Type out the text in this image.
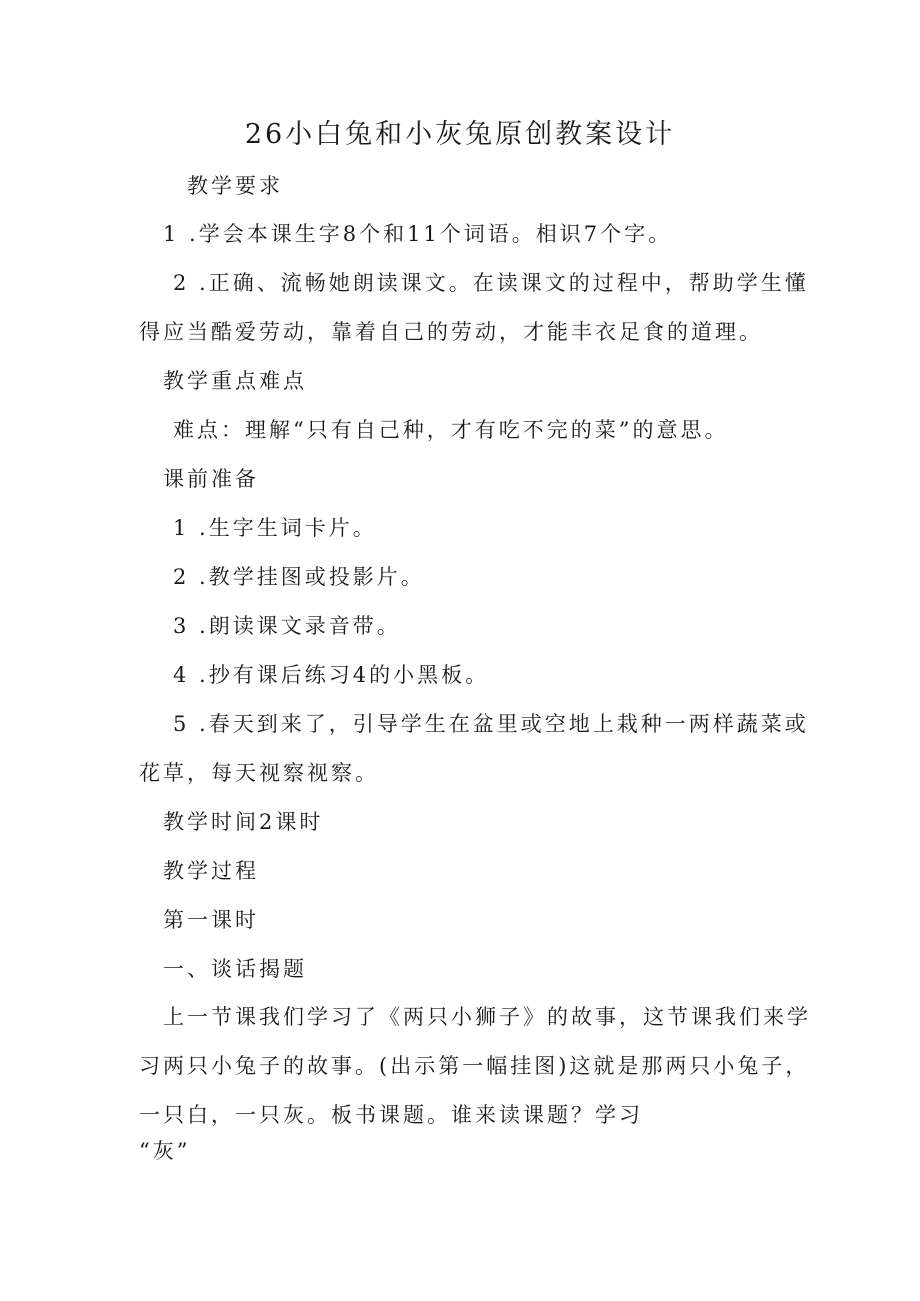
26小白兔和小灰兔原创教案设计
教学要求
1 .学会本课生字8个和11个词语。相识7个字。
2 .正确、流畅她朗读课文。在读课文的过程中，帮助学生懂
得应当酷爱劳动，靠着自己的劳动，才能丰衣足食的道理。
教学重点难点
难点：理解“只有自己种，才有吃不完的菜”的意思。
课前准备
1 .生字生词卡片。
2 .教学挂图或投影片。
3 .朗读课文录音带。
4 .抄有课后练习4的小黑板。
5 .春天到来了，引导学生在盆里或空地上栽种一两样蔬菜或
花草，每天视察视察。
教学时间2课时
教学过程
第一课时
一、谈话揭题
上一节课我们学习了《两只小狮子》的故事，这节课我们来学
习两只小兔子的故事。(出示第一幅挂图)这就是那两只小兔子，
一只白，一只灰。板书课题。谁来读课题？学习
“灰”
